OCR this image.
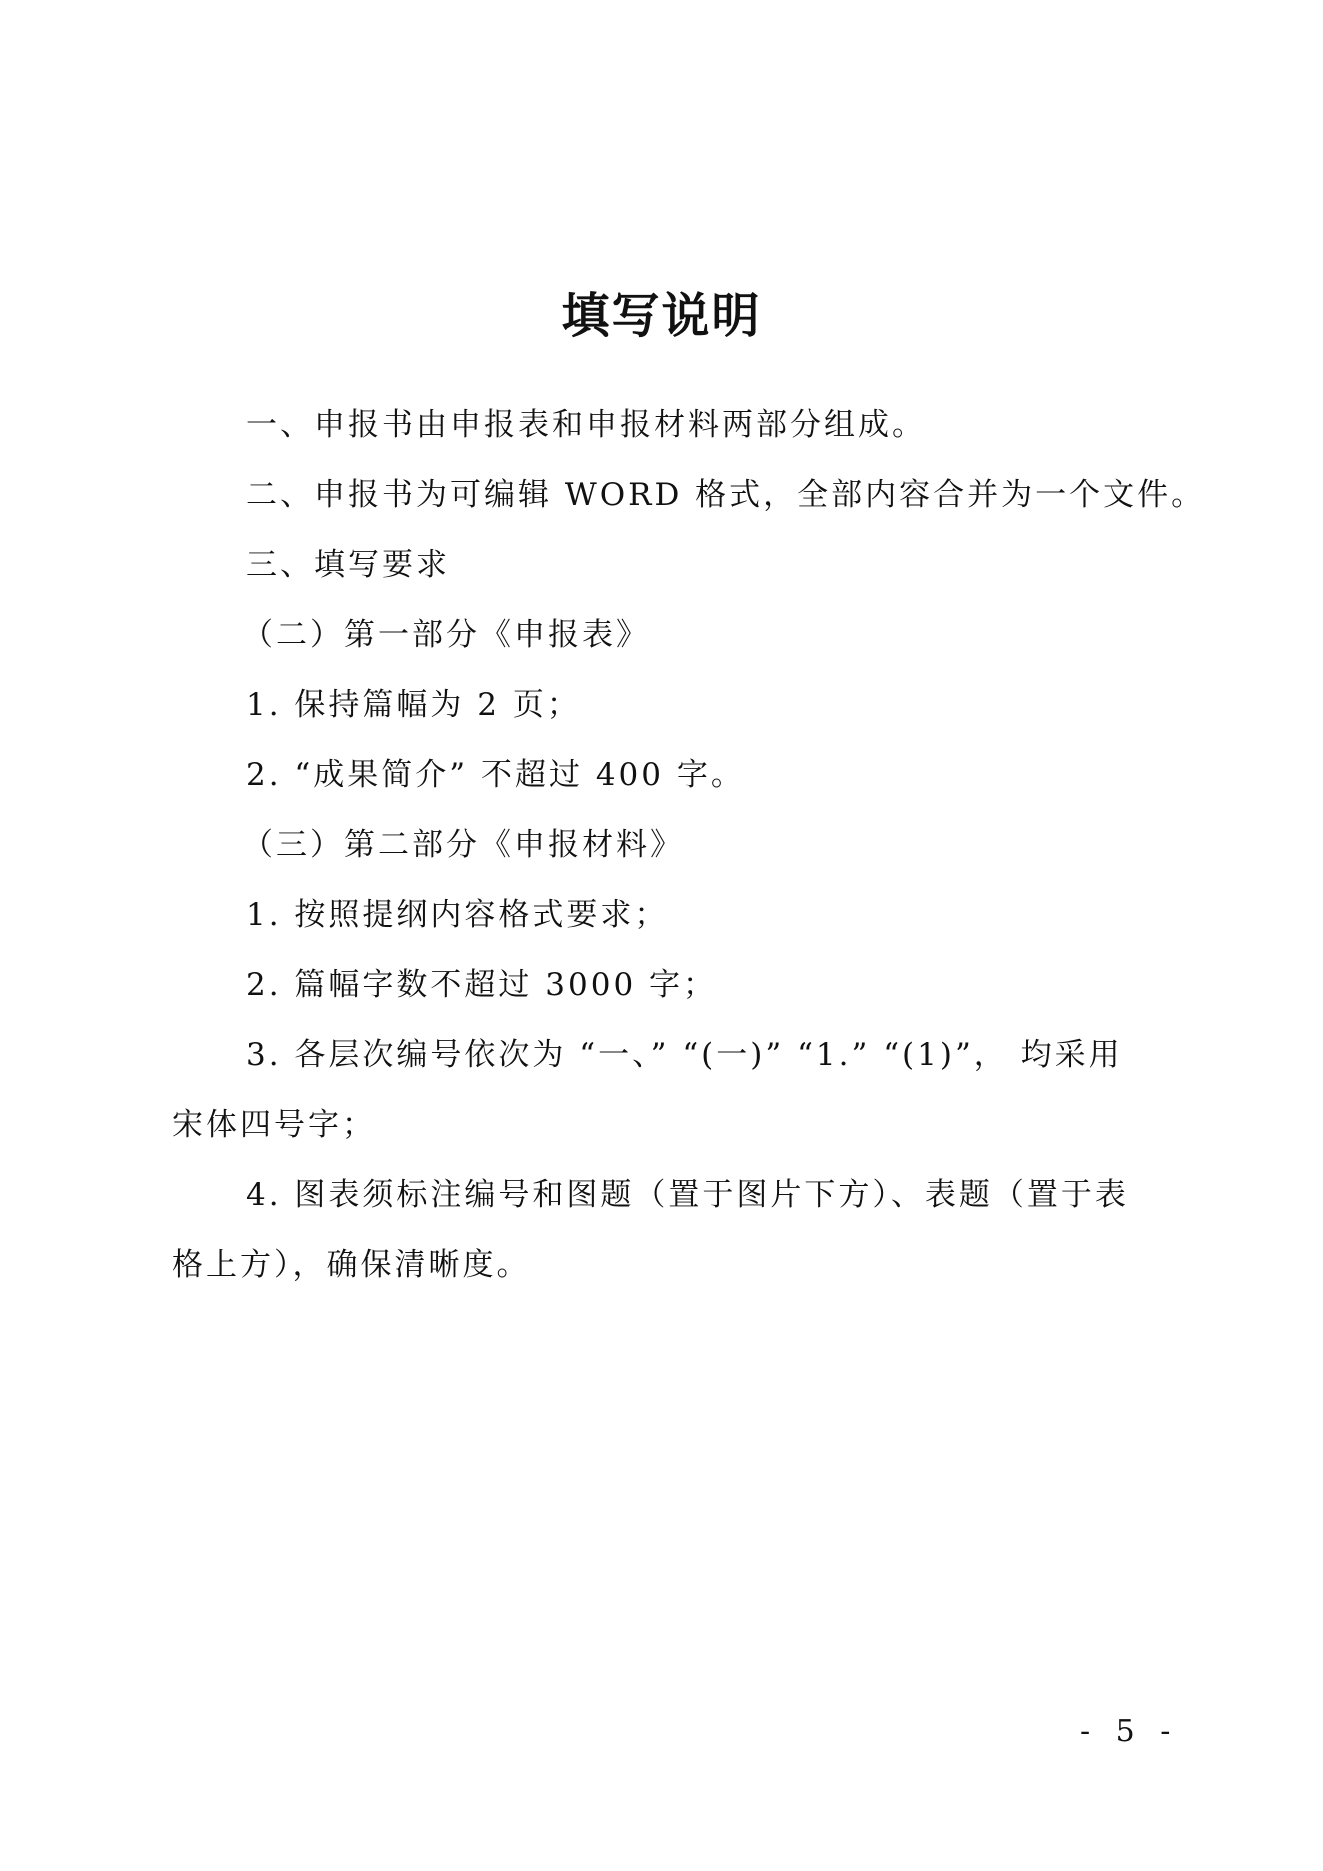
填写说明

一、申报书由申报表和申报材料两部分组成。

二、申报书为可编辑 WORD 格式，全部内容合并为一个文件。

三、填写要求

（二）第一部分《申报表》

1. 保持篇幅为 2 页；

2. “成果简介” 不超过 400 字。

（三）第二部分《申报材料》

1. 按照提纲内容格式要求；

2. 篇幅字数不超过 3000 字；

3. 各层次编号依次为 “一、” “(一)” “1.” “(1)”， 均采用宋体四号字；

4. 图表须标注编号和图题（置于图片下方）、表题（置于表格上方），确保清晰度。

- 5 -
